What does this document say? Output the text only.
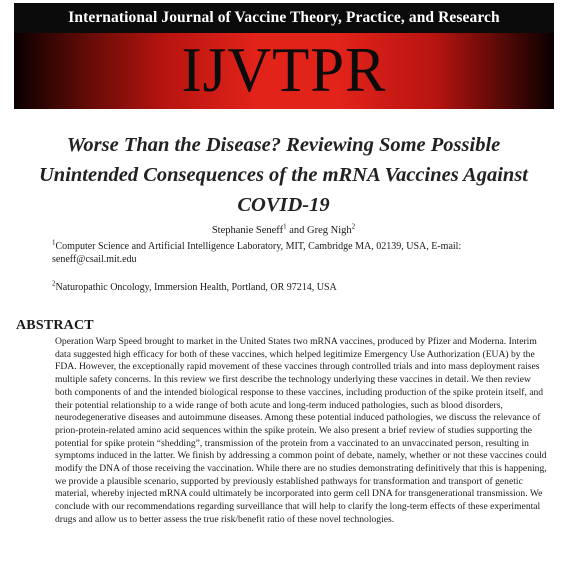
International Journal of Vaccine Theory, Practice, and Research
IJVTPR
Worse Than the Disease? Reviewing Some Possible Unintended Consequences of the mRNA Vaccines Against COVID-19
Stephanie Seneff$^1$ and Greg Nigh$^2$
$^1$Computer Science and Artificial Intelligence Laboratory, MIT, Cambridge MA, 02139, USA, E-mail: seneff@csail.mit.edu
$^2$Naturopathic Oncology, Immersion Health, Portland, OR 97214, USA
ABSTRACT
Operation Warp Speed brought to market in the United States two mRNA vaccines, produced by Pfizer and Moderna. Interim data suggested high efficacy for both of these vaccines, which helped legitimize Emergency Use Authorization (EUA) by the FDA. However, the exceptionally rapid movement of these vaccines through controlled trials and into mass deployment raises multiple safety concerns. In this review we first describe the technology underlying these vaccines in detail. We then review both components of and the intended biological response to these vaccines, including production of the spike protein itself, and their potential relationship to a wide range of both acute and long-term induced pathologies, such as blood disorders, neurodegenerative diseases and autoimmune diseases. Among these potential induced pathologies, we discuss the relevance of prion-protein-related amino acid sequences within the spike protein. We also present a brief review of studies supporting the potential for spike protein “shedding”, transmission of the protein from a vaccinated to an unvaccinated person, resulting in symptoms induced in the latter. We finish by addressing a common point of debate, namely, whether or not these vaccines could modify the DNA of those receiving the vaccination. While there are no studies demonstrating definitively that this is happening, we provide a plausible scenario, supported by previously established pathways for transformation and transport of genetic material, whereby injected mRNA could ultimately be incorporated into germ cell DNA for transgenerational transmission. We conclude with our recommendations regarding surveillance that will help to clarify the long-term effects of these experimental drugs and allow us to better assess the true risk/benefit ratio of these novel technologies.
